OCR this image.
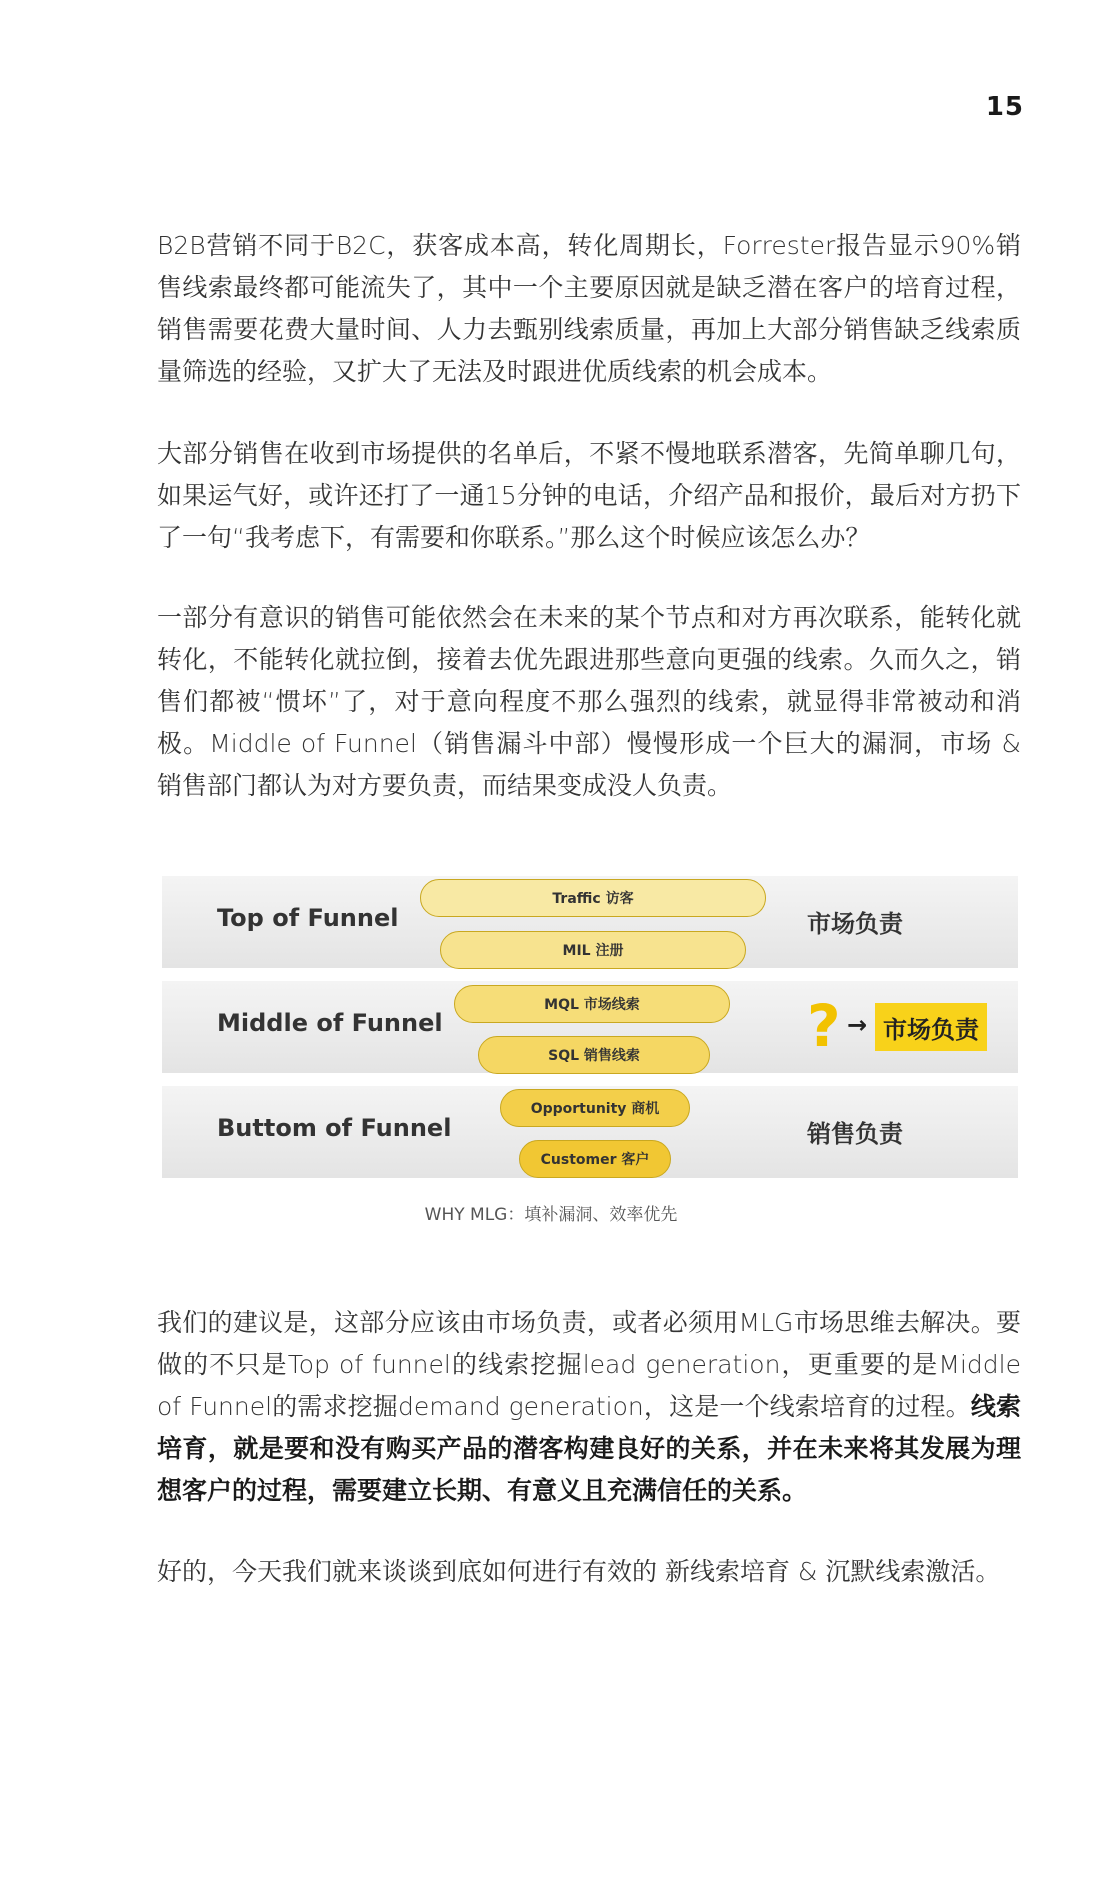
15

B2B营销不同于B2C，获客成本高，转化周期长，Forrester报告显示90%销售线索最终都可能流失了，其中一个主要原因就是缺乏潜在客户的培育过程，销售需要花费大量时间、人力去甄别线索质量，再加上大部分销售缺乏线索质量筛选的经验，又扩大了无法及时跟进优质线索的机会成本。

大部分销售在收到市场提供的名单后，不紧不慢地联系潜客，先简单聊几句，如果运气好，或许还打了一通15分钟的电话，介绍产品和报价，最后对方扔下了一句“我考虑下，有需要和你联系。”那么这个时候应该怎么办？

一部分有意识的销售可能依然会在未来的某个节点和对方再次联系，能转化就转化，不能转化就拉倒，接着去优先跟进那些意向更强的线索。久而久之，销售们都被“惯坏”了，对于意向程度不那么强烈的线索，就显得非常被动和消极。Middle of Funnel（销售漏斗中部）慢慢形成一个巨大的漏洞，市场 & 销售部门都认为对方要负责，而结果变成没人负责。

Top of Funnel	市场负责
Middle of Funnel	? → 市场负责
Buttom of Funnel	销售负责
Traffic 访客
MIL 注册
MQL 市场线索
SQL 销售线索
Opportunity 商机
Customer 客户
WHY MLG：填补漏洞、效率优先

我们的建议是，这部分应该由市场负责，或者必须用MLG市场思维去解决。要做的不只是Top of funnel的线索挖掘lead generation，更重要的是Middle of Funnel的需求挖掘demand generation，这是一个线索培育的过程。线索培育，就是要和没有购买产品的潜客构建良好的关系，并在未来将其发展为理想客户的过程，需要建立长期、有意义且充满信任的关系。

好的，今天我们就来谈谈到底如何进行有效的 新线索培育 & 沉默线索激活。
